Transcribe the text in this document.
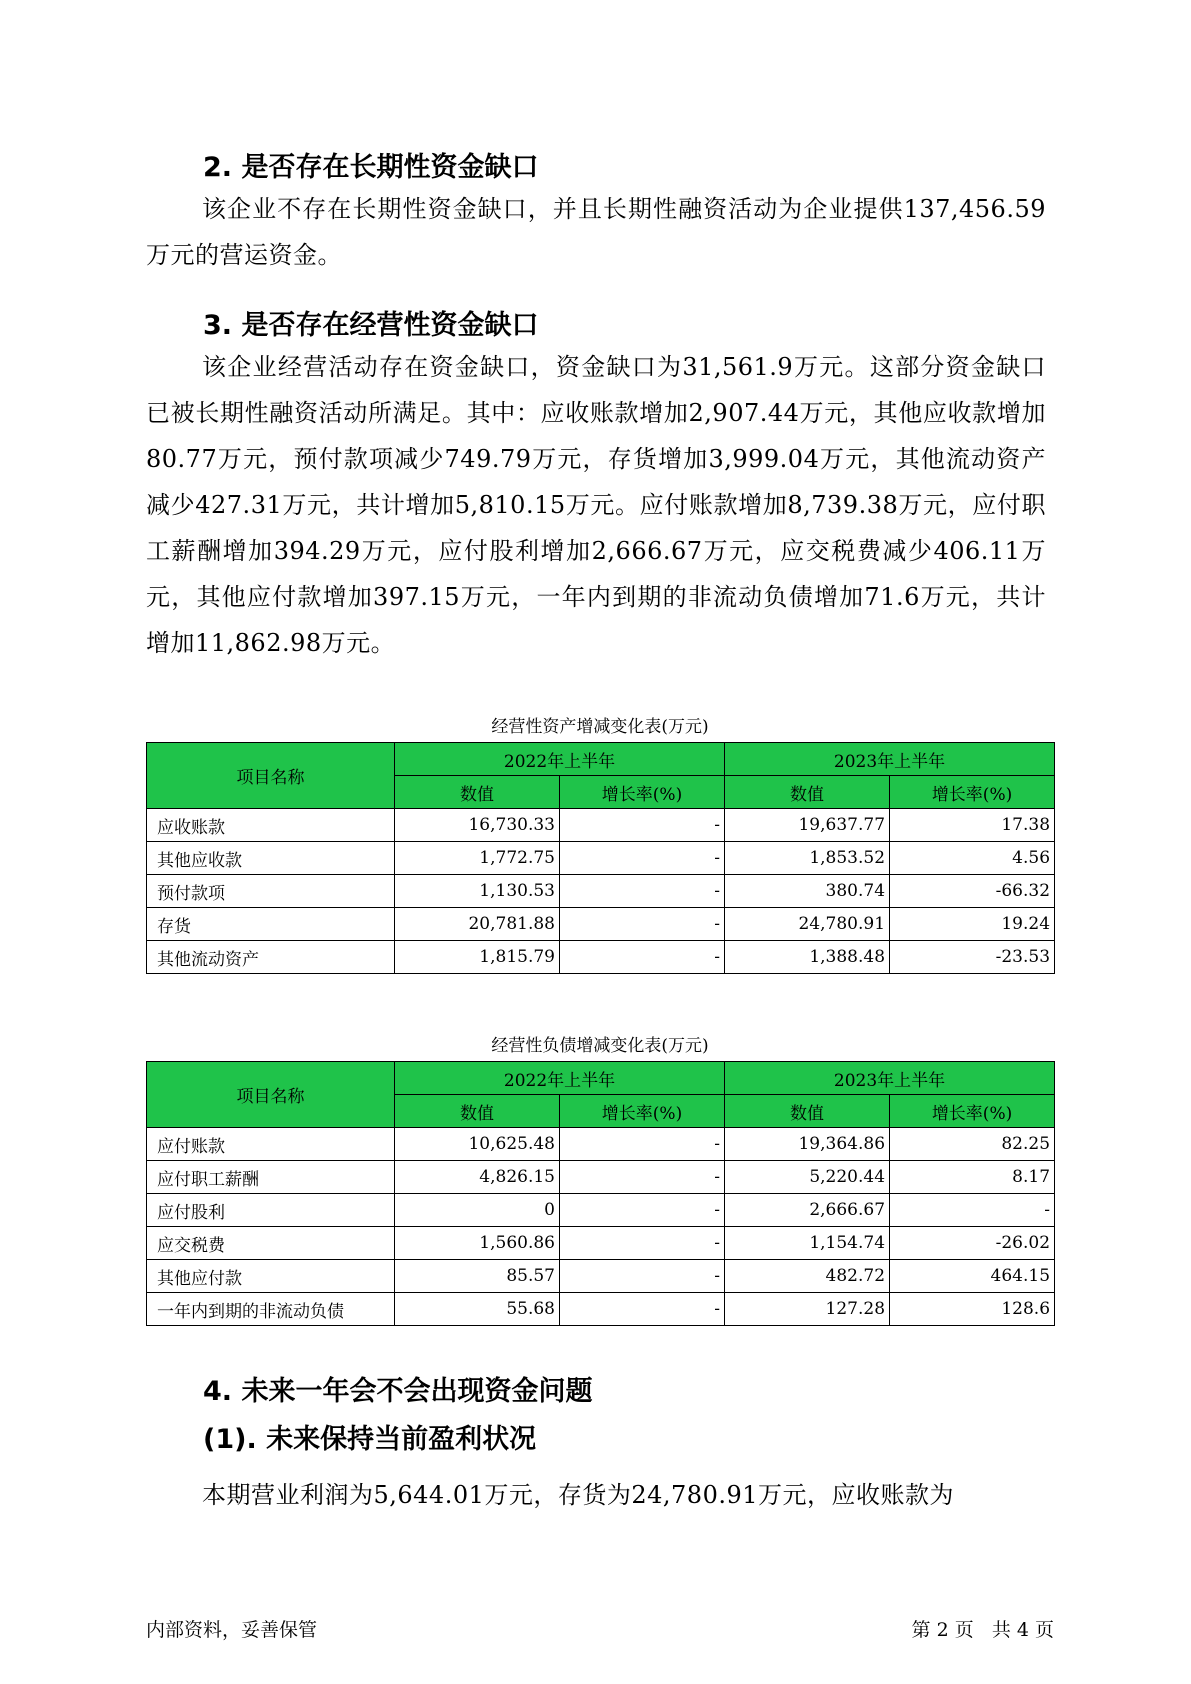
2. 是否存在长期性资金缺口

该企业不存在长期性资金缺口，并且长期性融资活动为企业提供137,456.59万元的营运资金。

3. 是否存在经营性资金缺口

该企业经营活动存在资金缺口，资金缺口为31,561.9万元。这部分资金缺口已被长期性融资活动所满足。其中：应收账款增加2,907.44万元，其他应收款增加80.77万元，预付款项减少749.79万元，存货增加3,999.04万元，其他流动资产减少427.31万元，共计增加5,810.15万元。应付账款增加8,739.38万元，应付职工薪酬增加394.29万元，应付股利增加2,666.67万元，应交税费减少406.11万元，其他应付款增加397.15万元，一年内到期的非流动负债增加71.6万元，共计增加11,862.98万元。

经营性资产增减变化表(万元)
项目名称	2022年上半年		2023年上半年	
	数值	增长率(%)	数值	增长率(%)
应收账款	16,730.33	-	19,637.77	17.38
其他应收款	1,772.75	-	1,853.52	4.56
预付款项	1,130.53	-	380.74	-66.32
存货	20,781.88	-	24,780.91	19.24
其他流动资产	1,815.79	-	1,388.48	-23.53
经营性负债增减变化表(万元)
项目名称	2022年上半年		2023年上半年	
	数值	增长率(%)	数值	增长率(%)
应付账款	10,625.48	-	19,364.86	82.25
应付职工薪酬	4,826.15	-	5,220.44	8.17
应付股利	0	-	2,666.67	-
应交税费	1,560.86	-	1,154.74	-26.02
其他应付款	85.57	-	482.72	464.15
一年内到期的非流动负债	55.68	-	127.28	128.6
4. 未来一年会不会出现资金问题
(1). 未来保持当前盈利状况

本期营业利润为5,644.01万元，存货为24,780.91万元，应收账款为

内部资料，妥善保管	第 2 页   共 4 页
